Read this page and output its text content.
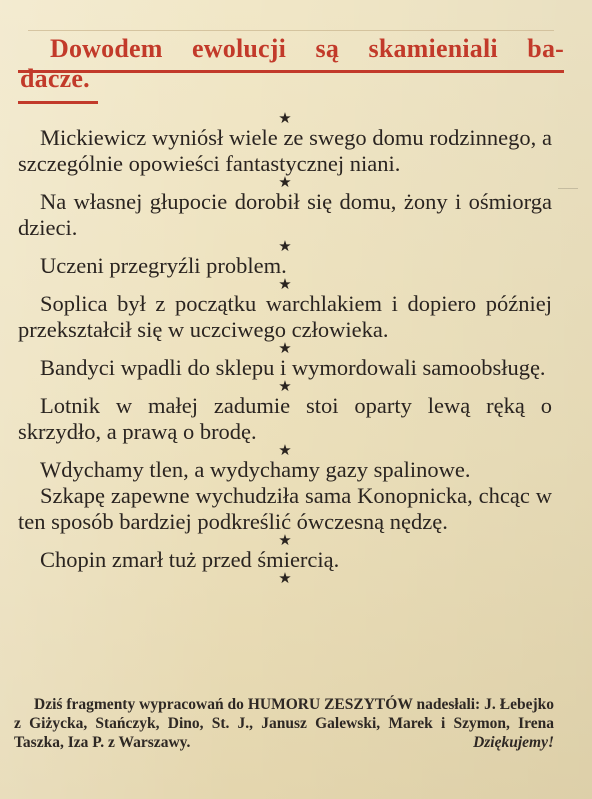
Dowodem ewolucji są skamieniali ba-
dacze.
★

Mickiewicz wyniósł wiele ze swego domu rodzinnego, a szczególnie opowieści fantastycznej niani.

★

Na własnej głupocie dorobił się domu, żony i ośmiorga dzieci.

★

Uczeni przegryźli problem.

★

Soplica był z początku warchlakiem i dopiero później przekształcił się w uczciwego człowieka.

★

Bandyci wpadli do sklepu i wymordowali samoobsługę.

★

Lotnik w małej zadumie stoi oparty lewą ręką o skrzydło, a prawą o brodę.

★

Wdychamy tlen, a wydychamy gazy spalinowe.

Szkapę zapewne wychudziła sama Konopnicka, chcąc w ten sposób bardziej podkreślić ówczesną nędzę.

★

Chopin zmarł tuż przed śmiercią.

★
Dziś fragmenty wypracowań do HUMORU ZESZYTÓW nadesłali: J. Łebejko z Giżycka, Stańczyk, Dino, St. J., Janusz Galewski, Marek i Szymon, Irena Taszka, Iza P. z Warszawy.	Dziękujemy!
